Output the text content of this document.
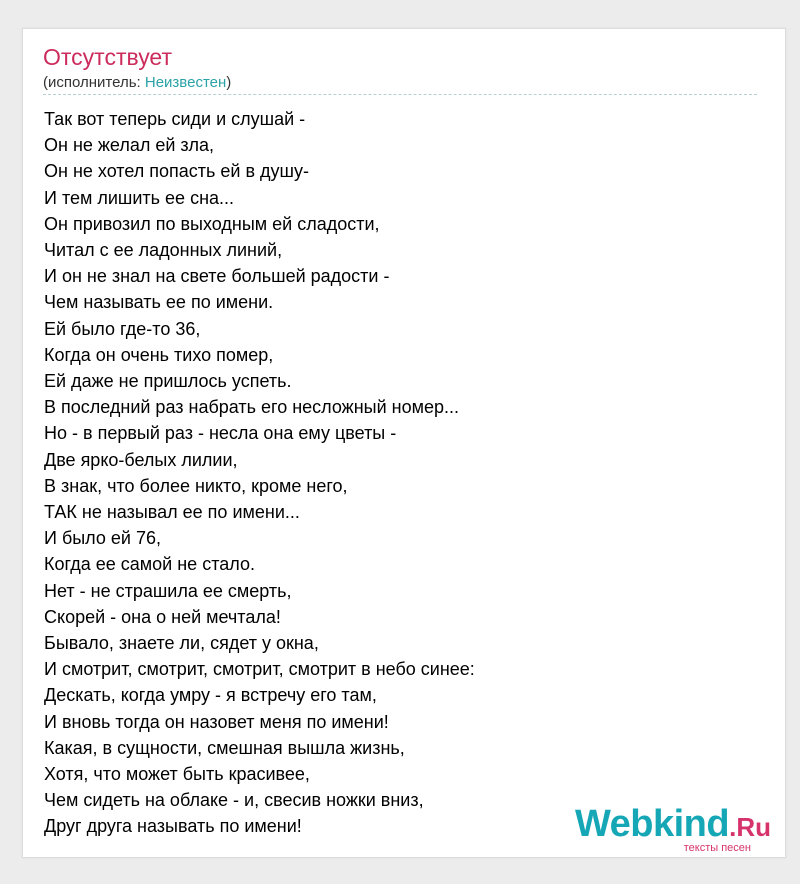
Отсутствует
(исполнитель: Неизвестен)
Так вот теперь сиди и слушай -
Он не желал ей зла,
Он не хотел попасть ей в душу-
И тем лишить ее сна...
Он привозил по выходным ей сладости,
Читал с ее ладонных линий,
И он не знал на свете большей радости -
Чем называть ее по имени.
Ей было где-то 36,
Когда он очень тихо помер,
Ей даже не пришлось успеть.
В последний раз набрать его несложный номер...
Но - в первый раз - несла она ему цветы -
Две ярко-белых лилии,
В знак, что более никто, кроме него,
ТАК не называл ее по имени...
И было ей 76,
Когда ее самой не стало.
Нет - не страшила ее смерть,
Скорей - она о ней мечтала!
Бывало, знаете ли, сядет у окна,
И смотрит, смотрит, смотрит, смотрит в небо синее:
Дескать, когда умру - я встречу его там,
И вновь тогда он назовет меня по имени!
Какая, в сущности, смешная вышла жизнь,
Хотя, что может быть красивее,
Чем сидеть на облаке - и, свесив ножки вниз,
Друг друга называть по имени!	Webkind.Ru
тексты песен
